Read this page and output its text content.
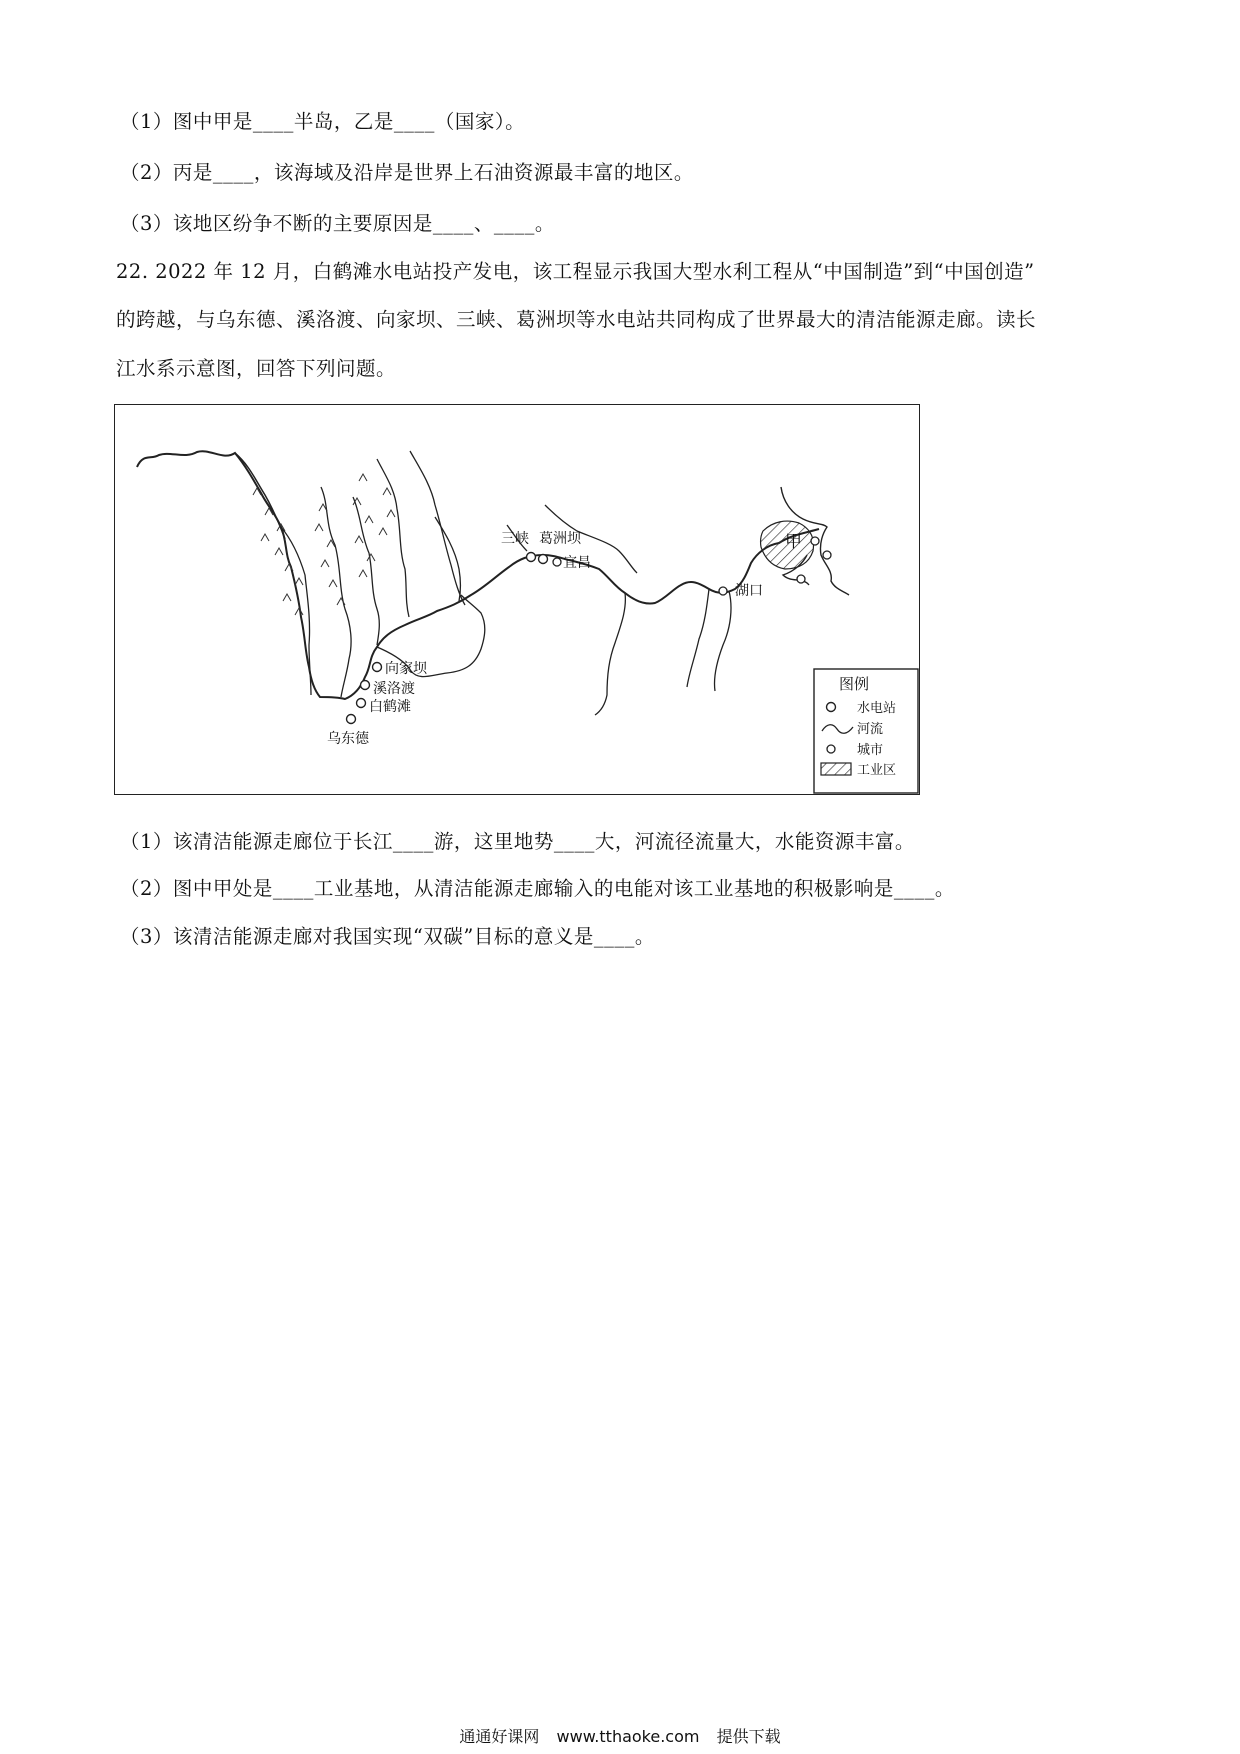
（1）图中甲是____半岛，乙是____（国家）。
（2）丙是____，该海域及沿岸是世界上石油资源最丰富的地区。
（3）该地区纷争不断的主要原因是____、____。
22. 2022 年 12 月，白鹤滩水电站投产发电，该工程显示我国大型水利工程从“中国制造”到“中国创造”
的跨越，与乌东德、溪洛渡、向家坝、三峡、葛洲坝等水电站共同构成了世界最大的清洁能源走廊。读长
江水系示意图，回答下列问题。
甲
向家坝
溪洛渡
白鹤滩
乌东德
三峡 葛洲坝
宜昌
湖口
图例
水电站
河流
城市
工业区
（1）该清洁能源走廊位于长江____游，这里地势____大，河流径流量大，水能资源丰富。
（2）图中甲处是____工业基地，从清洁能源走廊输入的电能对该工业基地的积极影响是____。
（3）该清洁能源走廊对我国实现“双碳”目标的意义是____。
通通好课网 www.tthaoke.com 提供下载
